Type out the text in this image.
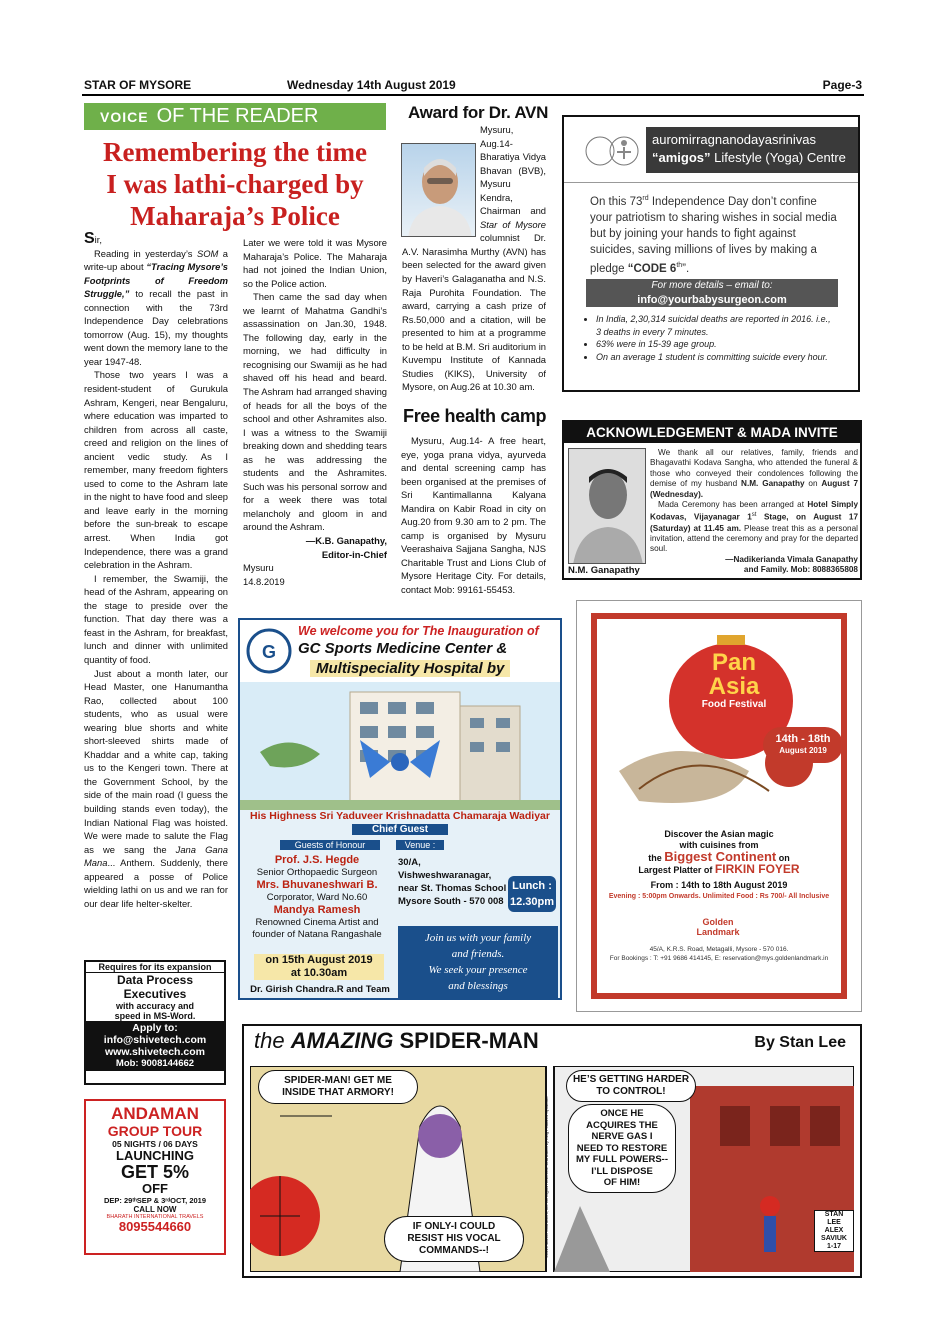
STAR OF MYSORE	Wednesday 14th August 2019	Page-3
VOICE OF THE READER
Remembering the time
I was lathi-charged by
Maharaja’s Police

Sir,

Reading in yesterday’s SOM a write-up about “Tracing Mysore’s Footprints of Freedom Struggle,” to recall the past in connection with the 73rd Independence Day celebrations tomorrow (Aug. 15), my thoughts went down the memory lane to the year 1947-48.

Those two years I was a resident-student of Gurukula Ashram, Kengeri, near Bengaluru, where education was imparted to children from across all caste, creed and religion on the lines of ancient vedic study. As I remember, many freedom fighters used to come to the Ashram late in the night to have food and sleep and leave early in the morning before the sun-break to escape arrest. When India got Independence, there was a grand celebration in the Ashram.

I remember, the Swamiji, the head of the Ashram, appearing on the stage to preside over the function. That day there was a feast in the Ashram, for breakfast, lunch and dinner with unlimited quantity of food.

Just about a month later, our Head Master, one Hanumantha Rao, collected about 100 students, who as usual were wearing blue shorts and white short-sleeved shirts made of Khaddar and a white cap, taking us to the Kengeri town. There at the Government School, by the side of the main road (I guess the building stands even today), the Indian National Flag was hoisted. We were made to salute the Flag as we sang the Jana Gana Mana... Anthem. Suddenly, there appeared a posse of Police wielding lathi on us and we ran for our dear life helter-skelter.

Later we were told it was Mysore Maharaja’s Police. The Maharaja had not joined the Indian Union, so the Police action.

Then came the sad day when we learnt of Mahatma Gandhi’s assassination on Jan.30, 1948. The following day, early in the morning, we had difficulty in recognising our Swamiji as he had shaved off his head and beard. The Ashram had arranged shaving of heads for all the boys of the school and other Ashramites also. I was a witness to the Swamiji breaking down and shedding tears as he was addressing the students and the Ashramites. Such was his personal sorrow and for a week there was total melancholy and gloom in and around the Ashram.

—K.B. Ganapathy,

Editor-in-Chief

Mysuru

14.8.2019

Award for Dr. AVN

Mysuru, Aug.14- Bharatiya Vidya Bhavan (BVB), Mysuru Kendra, Chairman and Star of Mysore columnist Dr. A.V. Narasimha Murthy (AVN) has been selected for the award given by Haveri’s Galaganatha and N.S. Raja Purohita Foundation. The award, carrying a cash prize of Rs.50,000 and a citation, will be presented to him at a programme to be held at B.M. Sri auditorium in Kuvempu Institute of Kannada Studies (KIKS), University of Mysore, on Aug.26 at 10.30 am.

Free health camp

Mysuru, Aug.14- A free heart, eye, yoga prana vidya, ayurveda and dental screening camp has been organised at the premises of Sri Kantimallanna Kalyana Mandira on Kabir Road in city on Aug.20 from 9.30 am to 2 pm. The camp is organised by Mysuru Veerashaiva Sajjana Sangha, NJS Charitable Trust and Lions Club of Mysore Heritage City. For details, contact Mob: 99161-55453.

auromirragnanodayasrinivas
“amigos” Lifestyle (Yoga) Centre
On this 73rd Independence Day don’t confine your patriotism to sharing wishes in social media but by joining your hands to fight against suicides, saving millions of lives by making a pledge “CODE 6th”.
For more details – email to:
info@yourbabysurgeon.com
• In India, 2,30,314 suicidal deaths are reported in 2016. i.e., 3 deaths in every 7 minutes.
• 63% were in 15-39 age group.
• On an average 1 student is committing suicide every hour.
ACKNOWLEDGEMENT & MADA INVITE
N.M. Ganapathy

We thank all our relatives, family, friends and Bhagavathi Kodava Sangha, who attended the funeral & those who conveyed their condolences following the demise of my husband N.M. Ganapathy on August 7 (Wednesday).

Mada Ceremony has been arranged at Hotel Simply Kodavas, Vijayanagar 1st Stage, on August 17 (Saturday) at 11.45 am. Please treat this as a personal invitation, attend the ceremony and pray for the departed soul.

—Nadikerianda Vimala Ganapathy

and Family. Mob: 8088365808

G
We welcome you for The Inauguration of
GC Sports Medicine Center &
Multispeciality Hospital by
His Highness Sri Yaduveer Krishnadatta Chamaraja Wadiyar
Chief Guest
Guests of Honour	Venue :
Prof. J.S. Hegde
Senior Orthopaedic Surgeon
Mrs. Bhuvaneshwari B.
Corporator, Ward No.60
Mandya Ramesh
Renowned Cinema Artist and
founder of Natana Rangashale
30/A, Vishweshwaranagar,
near St. Thomas School
Mysore South - 570 008
Lunch :
12.30pm
on 15th August 2019
at 10.30am
Dr. Girish Chandra.R and Team
Join us with your family
and friends.
We seek your presence
and blessings
Pan
Asia
Food Festival
14th - 18th
August 2019
Discover the Asian magic
with cuisines from
the Biggest Continent on
Largest Platter of FIRKIN FOYER
From : 14th to 18th August 2019
Evening : 5:00pm Onwards. Unlimited Food : Rs 700/- All Inclusive
Golden
Landmark
45/A, K.R.S. Road, Metagalli, Mysore - 570 016.
For Bookings : T: +91 9686 414145, E: reservation@mys.goldenlandmark.in
Requires for its expansion
Data Process
Executives
with accuracy and
speed in MS-Word.
Apply to:
info@shivetech.com
www.shivetech.com
Mob: 9008144662
ANDAMAN
GROUP TOUR
05 NIGHTS / 06 DAYS
LAUNCHING
GET 5%
OFF
DEP: 29ᵗʰSEP & 3ʳᵈOCT, 2019
CALL NOW
BHARATH INTERNATIONAL TRAVELS
8095544660
the AMAZING SPIDER-MAN	By Stan Lee
SPIDER-MAN! GET ME
INSIDE THAT ARMORY!
IF ONLY-I COULD
RESIST HIS VOCAL
COMMANDS--!
HE’S GETTING HARDER
TO CONTROL!
ONCE HE
ACQUIRES THE
NERVE GAS I
NEED TO RESTORE
MY FULL POWERS--
I’LL DISPOSE
OF HIM!
STAN
LEE
ALEX
SAVIUK
1-17
©2019 Marvel Characters, Inc. All Rights Reserved. Distributed by King Features Syndicate
